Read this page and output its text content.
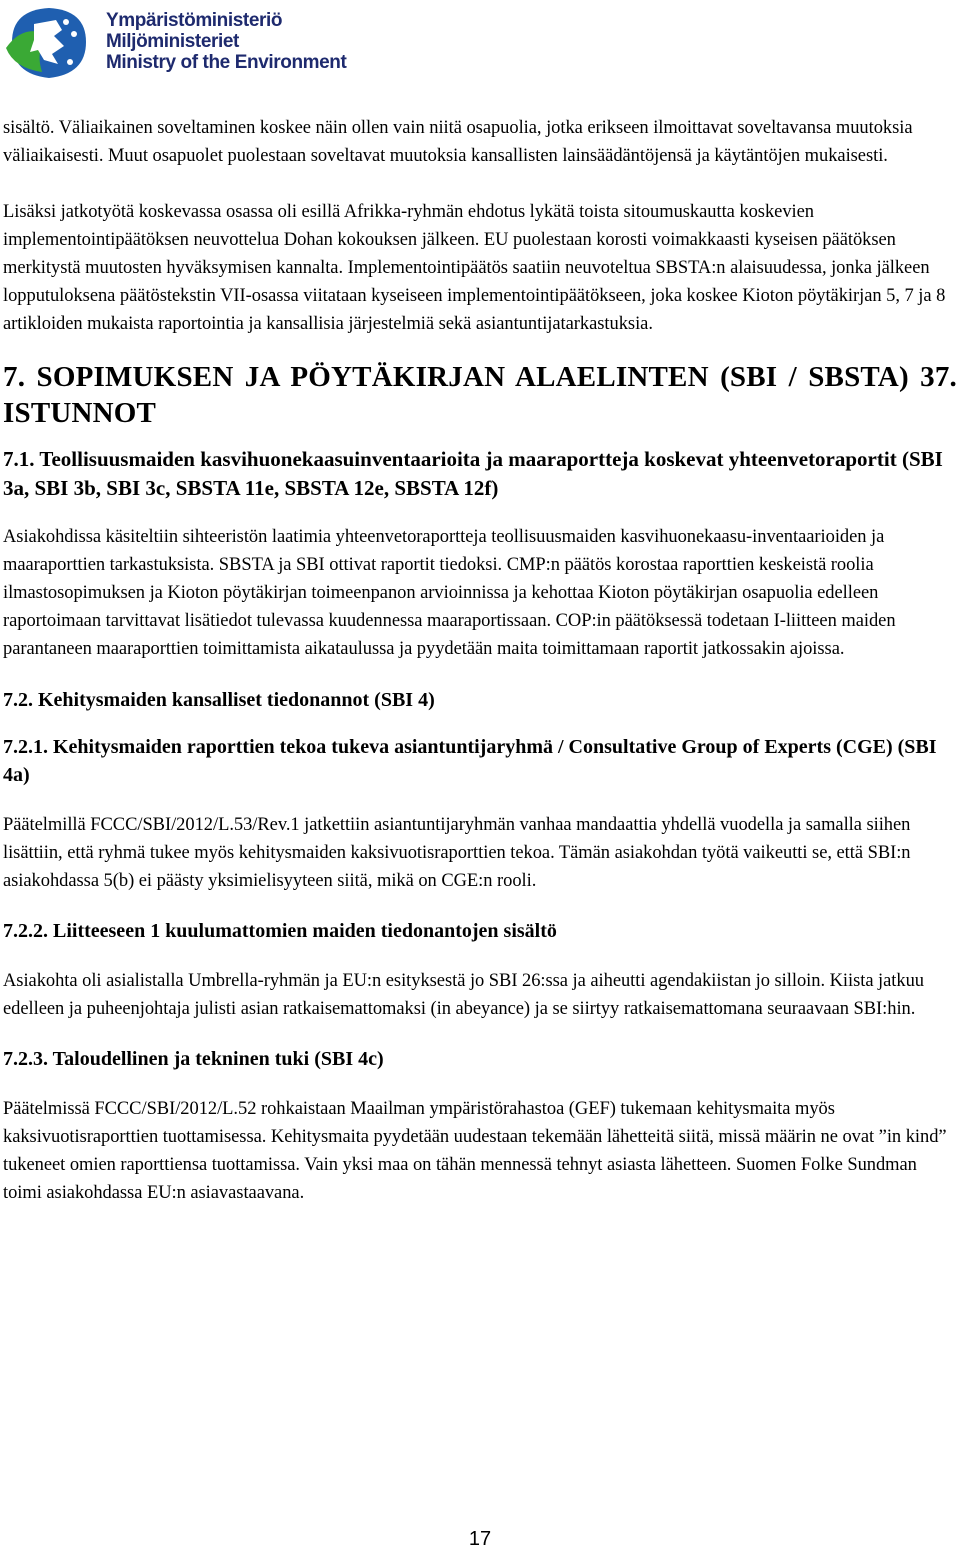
Ympäristöministeriö
Miljöministeriet
Ministry of the Environment

sisältö. Väliaikainen soveltaminen koskee näin ollen vain niitä osapuolia, jotka erikseen ilmoittavat soveltavansa muutoksia väliaikaisesti. Muut osapuolet puolestaan soveltavat muutoksia kansallisten lainsäädäntöjensä ja käytäntöjen mukaisesti.

Lisäksi jatkotyötä koskevassa osassa oli esillä Afrikka-ryhmän ehdotus lykätä toista sitoumuskautta koskevien implementointipäätöksen neuvottelua Dohan kokouksen jälkeen. EU puolestaan korosti voimakkaasti kyseisen päätöksen merkitystä muutosten hyväksymisen kannalta. Implementointipäätös saatiin neuvoteltua SBSTA:n alaisuudessa, jonka jälkeen lopputuloksena päätöstekstin VII-osassa viitataan kyseiseen implementointipäätökseen, joka koskee Kioton pöytäkirjan 5, 7 ja 8 artikloiden mukaista raportointia ja kansallisia järjestelmiä sekä asiantuntijatarkastuksia.

7. SOPIMUKSEN JA PÖYTÄKIRJAN ALAELINTEN (SBI / SBSTA) 37. ISTUNNOT
7.1. Teollisuusmaiden kasvihuonekaasuinventaarioita ja maaraportteja koskevat yhteenvetoraportit (SBI 3a, SBI 3b, SBI 3c, SBSTA 11e, SBSTA 12e, SBSTA 12f)

Asiakohdissa käsiteltiin sihteeristön laatimia yhteenvetoraportteja teollisuusmaiden kasvihuonekaasu-inventaarioiden ja maaraporttien tarkastuksista. SBSTA ja SBI ottivat raportit tiedoksi. CMP:n päätös korostaa raporttien keskeistä roolia ilmastosopimuksen ja Kioton pöytäkirjan toimeenpanon arvioinnissa ja kehottaa Kioton pöytäkirjan osapuolia edelleen raportoimaan tarvittavat lisätiedot tulevassa kuudennessa maaraportissaan. COP:in päätöksessä todetaan I-liitteen maiden parantaneen maaraporttien toimittamista aikataulussa ja pyydetään maita toimittamaan raportit jatkossakin ajoissa.

7.2. Kehitysmaiden kansalliset tiedonannot (SBI 4)
7.2.1. Kehitysmaiden raporttien tekoa tukeva asiantuntijaryhmä / Consultative Group of Experts (CGE) (SBI 4a)

Päätelmillä FCCC/SBI/2012/L.53/Rev.1 jatkettiin asiantuntijaryhmän vanhaa mandaattia yhdellä vuodella ja samalla siihen lisättiin, että ryhmä tukee myös kehitysmaiden kaksivuotisraporttien tekoa. Tämän asiakohdan työtä vaikeutti se, että SBI:n asiakohdassa 5(b) ei päästy yksimielisyyteen siitä, mikä on CGE:n rooli.

7.2.2. Liitteeseen 1 kuulumattomien maiden tiedonantojen sisältö

Asiakohta oli asialistalla Umbrella-ryhmän ja EU:n esityksestä jo SBI 26:ssa ja aiheutti agendakiistan jo silloin. Kiista jatkuu edelleen ja puheenjohtaja julisti asian ratkaisemattomaksi (in abeyance) ja se siirtyy ratkaisemattomana seuraavaan SBI:hin.

7.2.3. Taloudellinen ja tekninen tuki (SBI 4c)

Päätelmissä FCCC/SBI/2012/L.52 rohkaistaan Maailman ympäristörahastoa (GEF) tukemaan kehitysmaita myös kaksivuotisraporttien tuottamisessa. Kehitysmaita pyydetään uudestaan tekemään lähetteitä siitä, missä määrin ne ovat ”in kind” tukeneet omien raporttiensa tuottamissa. Vain yksi maa on tähän mennessä tehnyt asiasta lähetteen. Suomen Folke Sundman toimi asiakohdassa EU:n asiavastaavana.

17
